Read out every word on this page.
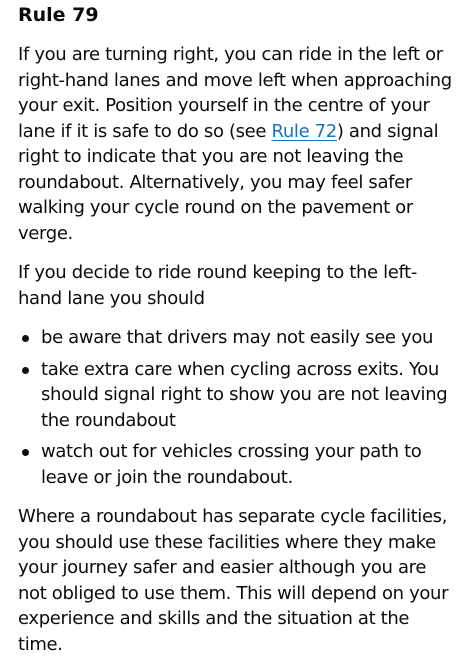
Rule 79

If you are turning right, you can ride in the left or right-hand lanes and move left when approaching your exit. Position yourself in the centre of your lane if it is safe to do so (see Rule 72) and signal right to indicate that you are not leaving the roundabout. Alternatively, you may feel safer walking your cycle round on the pavement or verge.

If you decide to ride round keeping to the left-hand lane you should

be aware that drivers may not easily see you
take extra care when cycling across exits. You should signal right to show you are not leaving the roundabout
watch out for vehicles crossing your path to leave or join the roundabout.

Where a roundabout has separate cycle facilities, you should use these facilities where they make your journey safer and easier although you are not obliged to use them. This will depend on your experience and skills and the situation at the time.
